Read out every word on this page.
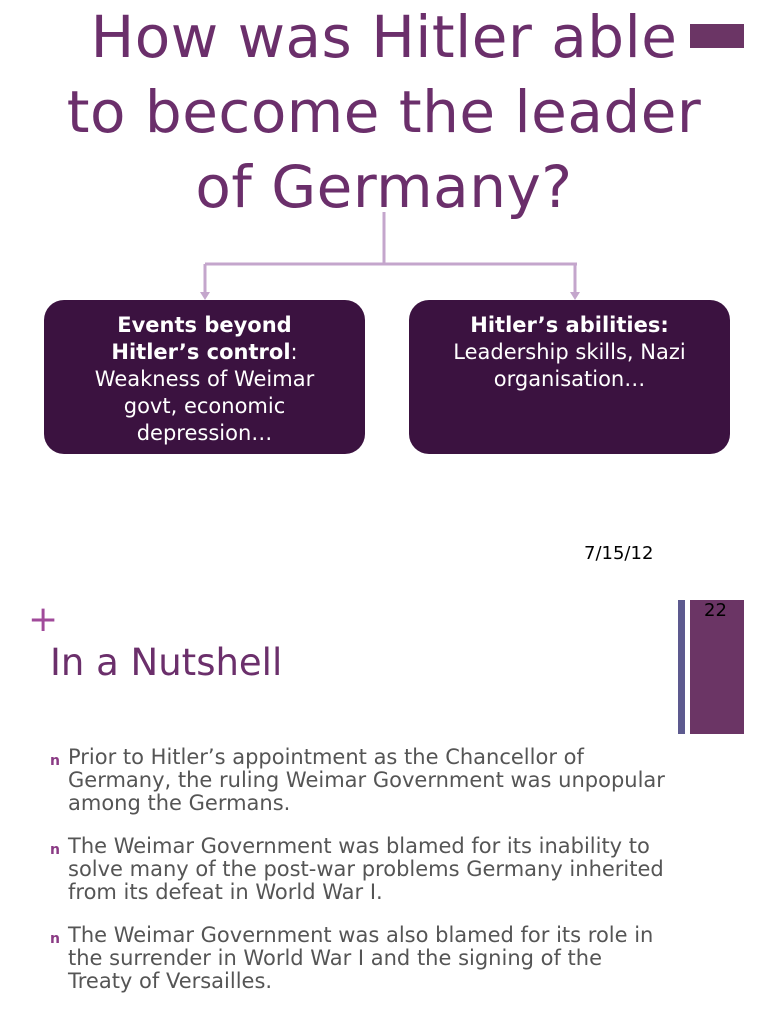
How was Hitler able
to become the leader
of Germany?
Events beyond
Hitler’s control:
Weakness of Weimar
govt, economic
depression…
Hitler’s abilities:
Leadership skills, Nazi
organisation…
7/15/12
+	22
In a Nutshell
n Prior to Hitler’s appointment as the Chancellor of Germany, the ruling Weimar Government was unpopular among the Germans.
n The Weimar Government was blamed for its inability to solve many of the post-war problems Germany inherited from its defeat in World War I.
n The Weimar Government was also blamed for its role in the surrender in World War I and the signing of the Treaty of Versailles.
